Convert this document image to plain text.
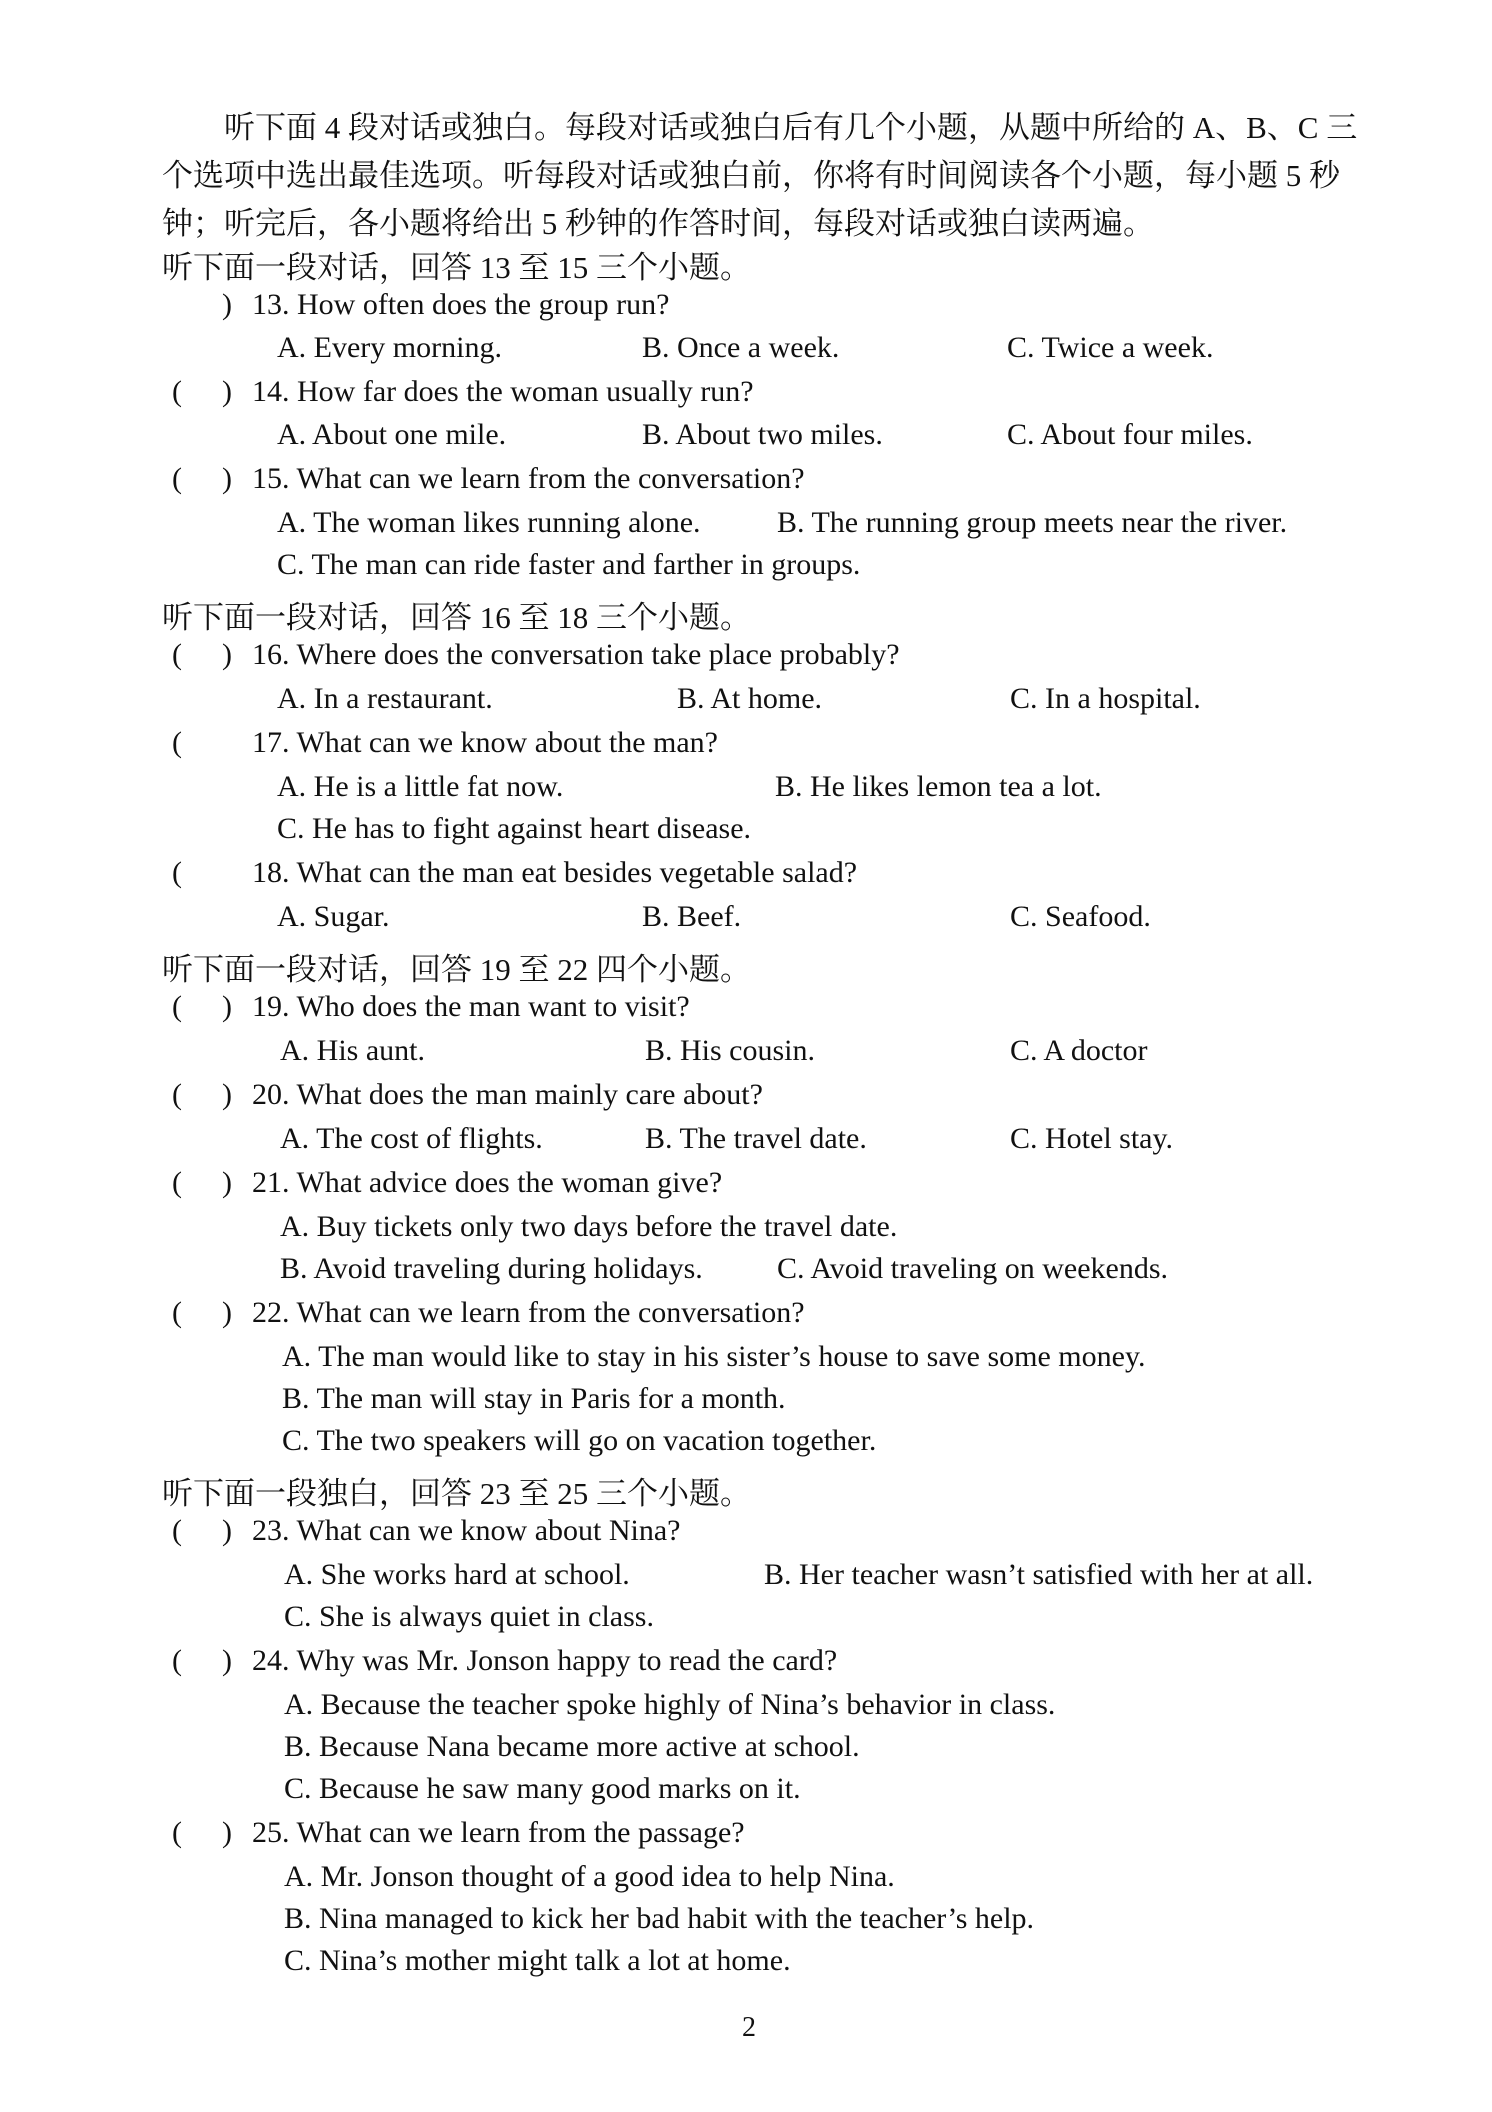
听下面 4 段对话或独白。每段对话或独白后有几个小题，从题中所给的 A、B、C 三
个选项中选出最佳选项。听每段对话或独白前，你将有时间阅读各个小题，每小题 5 秒
钟；听完后，各小题将给出 5 秒钟的作答时间，每段对话或独白读两遍。
听下面一段对话，回答 13 至 15 三个小题。
) 13. How often does the group run?
A. Every morning.	B. Once a week.	C. Twice a week.
( ) 14. How far does the woman usually run?
A. About one mile.	B. About two miles.	C. About four miles.
( ) 15. What can we learn from the conversation?
A. The woman likes running alone.	B. The running group meets near the river.
C. The man can ride faster and farther in groups.
听下面一段对话，回答 16 至 18 三个小题。
( ) 16. Where does the conversation take place probably?
A. In a restaurant.	B. At home.	C. In a hospital.
( 17. What can we know about the man?
A. He is a little fat now.	B. He likes lemon tea a lot.
C. He has to fight against heart disease.
( 18. What can the man eat besides vegetable salad?
A. Sugar.	B. Beef.	C. Seafood.
听下面一段对话，回答 19 至 22 四个小题。
( ) 19. Who does the man want to visit?
A. His aunt.	B. His cousin.	C. A doctor
( ) 20. What does the man mainly care about?
A. The cost of flights.	B. The travel date.	C. Hotel stay.
( ) 21. What advice does the woman give?
A. Buy tickets only two days before the travel date.
B. Avoid traveling during holidays. C. Avoid traveling on weekends.
( ) 22. What can we learn from the conversation?
A. The man would like to stay in his sister’s house to save some money.
B. The man will stay in Paris for a month.
C. The two speakers will go on vacation together.
听下面一段独白，回答 23 至 25 三个小题。
( ) 23. What can we know about Nina?
A. She works hard at school.	B. Her teacher wasn’t satisfied with her at all.
C. She is always quiet in class.
( ) 24. Why was Mr. Jonson happy to read the card?
A. Because the teacher spoke highly of Nina’s behavior in class.
B. Because Nana became more active at school.
C. Because he saw many good marks on it.
( ) 25. What can we learn from the passage?
A. Mr. Jonson thought of a good idea to help Nina.
B. Nina managed to kick her bad habit with the teacher’s help.
C. Nina’s mother might talk a lot at home.
2
